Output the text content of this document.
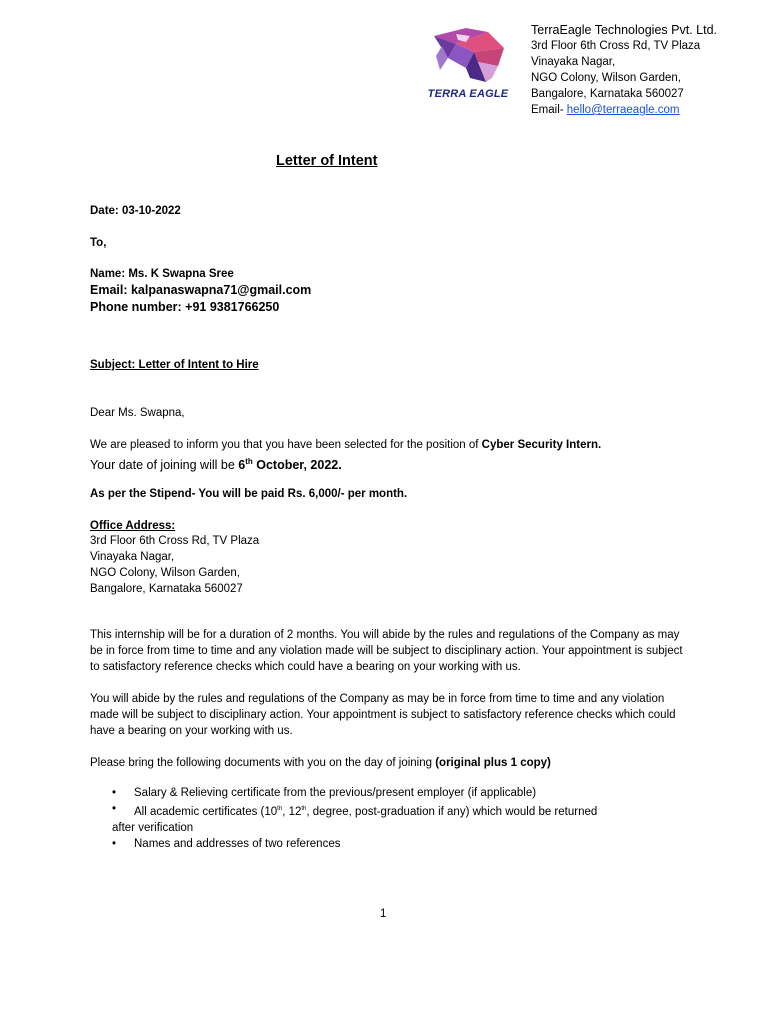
TERRA EAGLE
TerraEagle Technologies Pvt. Ltd.
3rd Floor 6th Cross Rd, TV Plaza
Vinayaka Nagar,
NGO Colony, Wilson Garden,
Bangalore, Karnataka 560027
Email- hello@terraeagle.com
Letter of Intent
Date: 03-10-2022
To,
Name: Ms. K Swapna Sree
Email: kalpanaswapna71@gmail.com
Phone number: +91 9381766250
Subject: Letter of Intent to Hire
Dear Ms. Swapna,
We are pleased to inform you that you have been selected for the position of Cyber Security Intern.
Your date of joining will be 6th October, 2022.
As per the Stipend- You will be paid Rs. 6,000/- per month.
Office Address:
3rd Floor 6th Cross Rd, TV Plaza
Vinayaka Nagar,
NGO Colony, Wilson Garden,
Bangalore, Karnataka 560027
This internship will be for a duration of 2 months. You will abide by the rules and regulations of the Company as may be in force from time to time and any violation made will be subject to disciplinary action. Your appointment is subject to satisfactory reference checks which could have a bearing on your working with us.
You will abide by the rules and regulations of the Company as may be in force from time to time and any violation made will be subject to disciplinary action. Your appointment is subject to satisfactory reference checks which could have a bearing on your working with us.
Please bring the following documents with you on the day of joining (original plus 1 copy)
• Salary & Relieving certificate from the previous/present employer (if applicable)
• All academic certificates (10th, 12th, degree, post-graduation if any) which would be returned
after verification
• Names and addresses of two references
1
